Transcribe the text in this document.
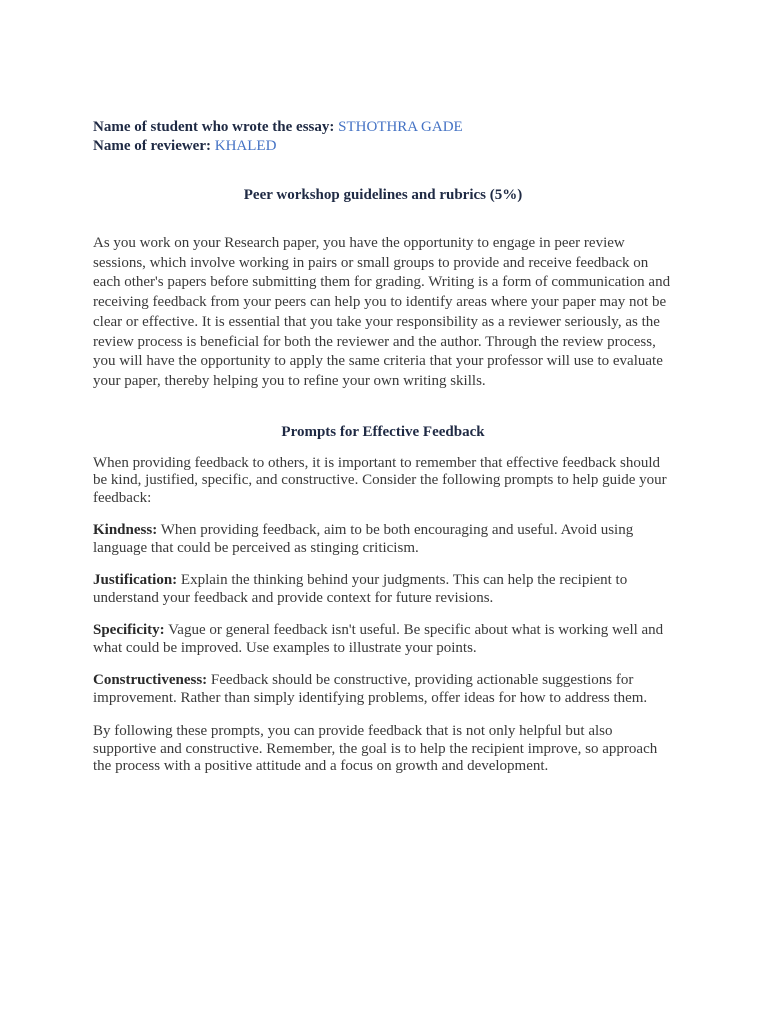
Name of student who wrote the essay: STHOTHRA GADE
Name of reviewer: KHALED
Peer workshop guidelines and rubrics (5%)
As you work on your Research paper, you have the opportunity to engage in peer review sessions, which involve working in pairs or small groups to provide and receive feedback on each other's papers before submitting them for grading. Writing is a form of communication and receiving feedback from your peers can help you to identify areas where your paper may not be clear or effective. It is essential that you take your responsibility as a reviewer seriously, as the review process is beneficial for both the reviewer and the author. Through the review process, you will have the opportunity to apply the same criteria that your professor will use to evaluate your paper, thereby helping you to refine your own writing skills.
Prompts for Effective Feedback
When providing feedback to others, it is important to remember that effective feedback should be kind, justified, specific, and constructive. Consider the following prompts to help guide your feedback:
Kindness: When providing feedback, aim to be both encouraging and useful. Avoid using language that could be perceived as stinging criticism.
Justification: Explain the thinking behind your judgments. This can help the recipient to understand your feedback and provide context for future revisions.
Specificity: Vague or general feedback isn't useful. Be specific about what is working well and what could be improved. Use examples to illustrate your points.
Constructiveness: Feedback should be constructive, providing actionable suggestions for improvement. Rather than simply identifying problems, offer ideas for how to address them.
By following these prompts, you can provide feedback that is not only helpful but also supportive and constructive. Remember, the goal is to help the recipient improve, so approach the process with a positive attitude and a focus on growth and development.
